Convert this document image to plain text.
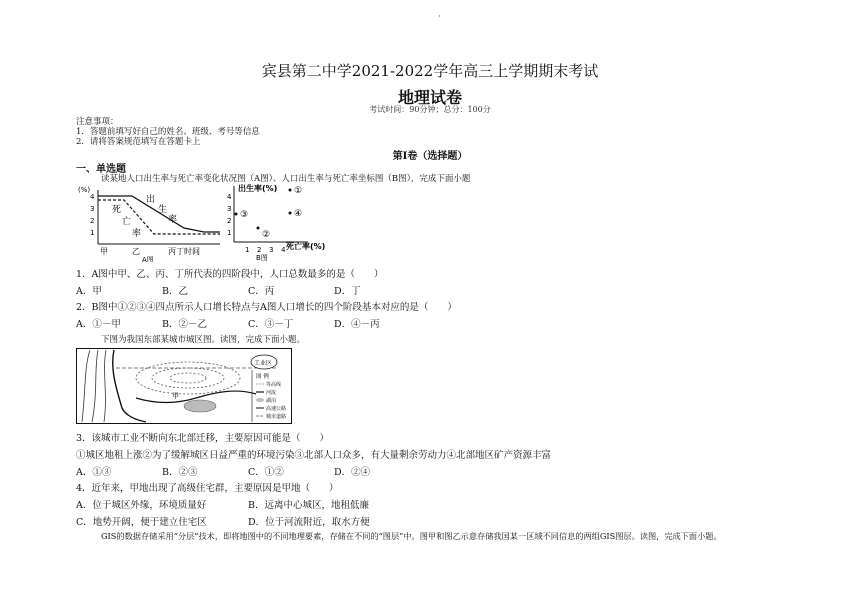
·
宾县第二中学2021-2022学年高三上学期期末考试
地理试卷
考试时间：90分钟；总分：100分
注意事项：
1．答题前填写好自己的姓名、班级、考号等信息
2．请将答案规范填写在答题卡上
第Ⅰ卷（选择题）
一、单选题
读某地人口出生率与死亡率变化状况图（A图）、人口出生率与死亡率坐标图（B图），完成下面小题
(%)
4
3
2
1
出
生
率
死
亡
率
甲	乙	丙丁时间
A图
出生率(%)
4
3
2
1
1 2 3 4 死亡率(%)
①
②
③	④
B图
1．A图中甲、乙、丙、丁所代表的四阶段中，人口总数最多的是（　　）
A．甲	B．乙	C．丙	D．丁
2．B图中①②③④四点所示人口增长特点与A图人口增长的四个阶段基本对应的是（　　）
A．①－甲	B．②－乙	C．③－丁	D．④－丙
下图为我国东部某城市城区图。读图，完成下面小题。
甲
工业区
图 例
等高线
河流
湖泊
高速公路
城市道路
3．该城市工业不断向东北部迁移，主要原因可能是（　　）
①城区地租上涨②为了缓解城区日益严重的环境污染③北部人口众多，有大量剩余劳动力④北部地区矿产资源丰富
A．①③	B．②③	C．①②	D．②④
4．近年来，甲地出现了高级住宅群，主要原因是甲地（　　）
A．位于城区外缘，环境质量好	B．远离中心城区，地租低廉
C．地势开阔，便于建立住宅区	D．位于河流附近，取水方便
GIS的数据存储采用“分层”技术，即将地图中的不同地理要素，存储在不同的“图层”中。图甲和图乙示意存储我国某一区域不同信息的两组GIS图层。读图，完成下面小题。
